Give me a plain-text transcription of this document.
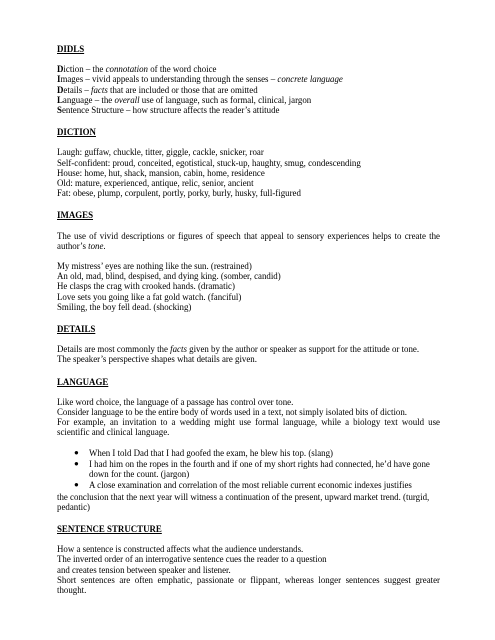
DIDLS

Diction – the connotation of the word choice

Images – vivid appeals to understanding through the senses – concrete language

Details – facts that are included or those that are omitted

Language – the overall use of language, such as formal, clinical, jargon

Sentence Structure – how structure affects the reader’s attitude

DICTION

Laugh: guffaw, chuckle, titter, giggle, cackle, snicker, roar

Self-confident: proud, conceited, egotistical, stuck-up, haughty, smug, condescending

House: home, hut, shack, mansion, cabin, home, residence

Old: mature, experienced, antique, relic, senior, ancient

Fat: obese, plump, corpulent, portly, porky, burly, husky, full-figured

IMAGES

The use of vivid descriptions or figures of speech that appeal to sensory experiences helps to create the author’s tone.

My mistress’ eyes are nothing like the sun. (restrained)

An old, mad, blind, despised, and dying king. (somber, candid)

He clasps the crag with crooked hands. (dramatic)

Love sets you going like a fat gold watch. (fanciful)

Smiling, the boy fell dead. (shocking)

DETAILS

Details are most commonly the facts given by the author or speaker as support for the attitude or tone.

The speaker’s perspective shapes what details are given.

LANGUAGE

Like word choice, the language of a passage has control over tone.

Consider language to be the entire body of words used in a text, not simply isolated bits of diction.

For example, an invitation to a wedding might use formal language, while a biology text would use scientific and clinical language.

● When I told Dad that I had goofed the exam, he blew his top. (slang)
● I had him on the ropes in the fourth and if one of my short rights had connected, he’d have gone down for the count. (jargon)
● A close examination and correlation of the most reliable current economic indexes justifies

the conclusion that the next year will witness a continuation of the present, upward market trend. (turgid, pedantic)

SENTENCE STRUCTURE

How a sentence is constructed affects what the audience understands.

The inverted order of an interrogative sentence cues the reader to a question

and creates tension between speaker and listener.

Short sentences are often emphatic, passionate or flippant, whereas longer sentences suggest greater thought.
